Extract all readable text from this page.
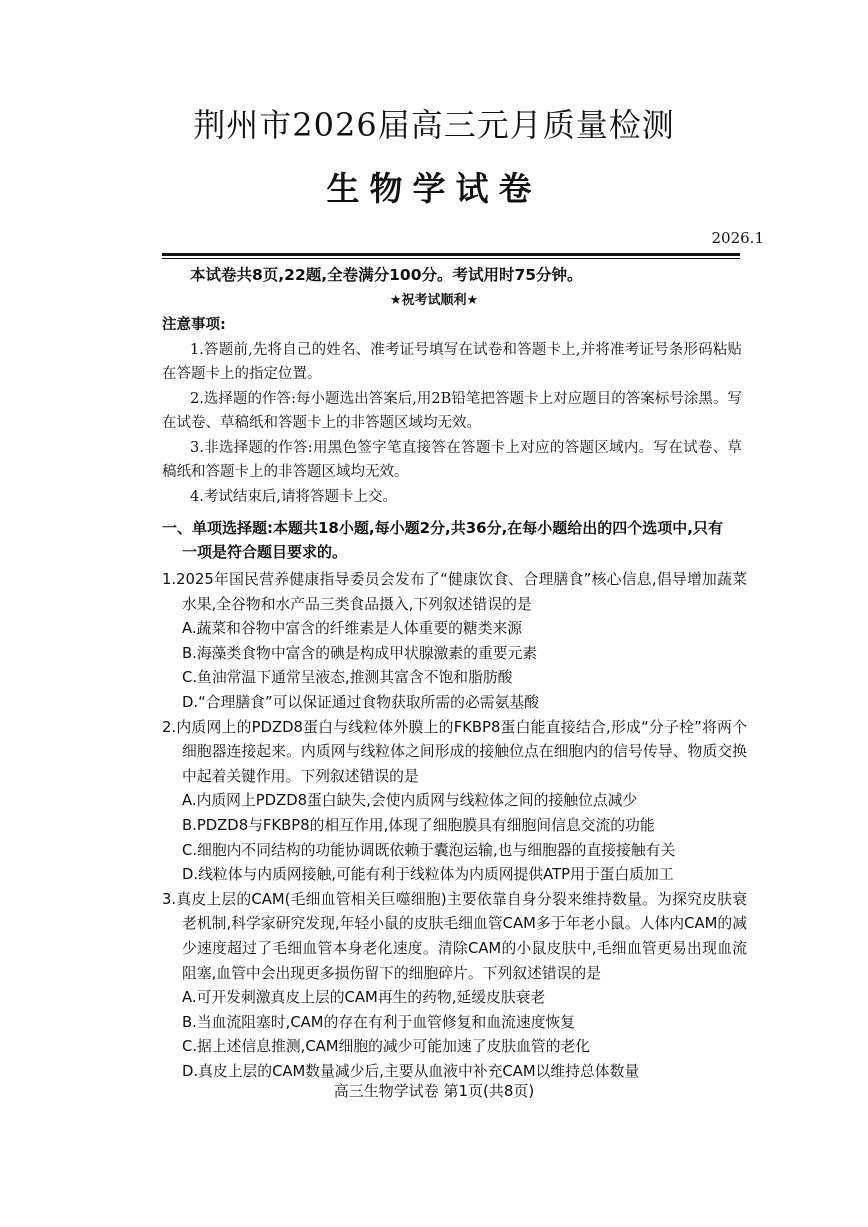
荆州市2026届高三元月质量检测
生物学试卷
2026.1
本试卷共8页,22题,全卷满分100分。考试用时75分钟。
★祝考试顺利★
注意事项:

1.答题前,先将自己的姓名、准考证号填写在试卷和答题卡上,并将准考证号条形码粘贴在答题卡上的指定位置。

2.选择题的作答:每小题选出答案后,用2B铅笔把答题卡上对应题目的答案标号涂黑。写在试卷、草稿纸和答题卡上的非答题区域均无效。

3.非选择题的作答:用黑色签字笔直接答在答题卡上对应的答题区域内。写在试卷、草稿纸和答题卡上的非答题区域均无效。

4.考试结束后,请将答题卡上交。

一、单项选择题:本题共18小题,每小题2分,共36分,在每小题给出的四个选项中,只有
一项是符合题目要求的。

1.2025年国民营养健康指导委员会发布了“健康饮食、合理膳食”核心信息,倡导增加蔬菜水果,全谷物和水产品三类食品摄入,下列叙述错误的是

A.蔬菜和谷物中富含的纤维素是人体重要的糖类来源

B.海藻类食物中富含的碘是构成甲状腺激素的重要元素

C.鱼油常温下通常呈液态,推测其富含不饱和脂肪酸

D.“合理膳食”可以保证通过食物获取所需的必需氨基酸

2.内质网上的PDZD8蛋白与线粒体外膜上的FKBP8蛋白能直接结合,形成“分子栓”将两个细胞器连接起来。内质网与线粒体之间形成的接触位点在细胞内的信号传导、物质交换中起着关键作用。下列叙述错误的是

A.内质网上PDZD8蛋白缺失,会使内质网与线粒体之间的接触位点减少

B.PDZD8与FKBP8的相互作用,体现了细胞膜具有细胞间信息交流的功能

C.细胞内不同结构的功能协调既依赖于囊泡运输,也与细胞器的直接接触有关

D.线粒体与内质网接触,可能有利于线粒体为内质网提供ATP用于蛋白质加工

3.真皮上层的CAM(毛细血管相关巨噬细胞)主要依靠自身分裂来维持数量。为探究皮肤衰老机制,科学家研究发现,年轻小鼠的皮肤毛细血管CAM多于年老小鼠。人体内CAM的减少速度超过了毛细血管本身老化速度。清除CAM的小鼠皮肤中,毛细血管更易出现血流阻塞,血管中会出现更多损伤留下的细胞碎片。下列叙述错误的是

A.可开发刺激真皮上层的CAM再生的药物,延缓皮肤衰老

B.当血流阻塞时,CAM的存在有利于血管修复和血流速度恢复

C.据上述信息推测,CAM细胞的减少可能加速了皮肤血管的老化

D.真皮上层的CAM数量减少后,主要从血液中补充CAM以维持总体数量

高三生物学试卷 第1页(共8页)
